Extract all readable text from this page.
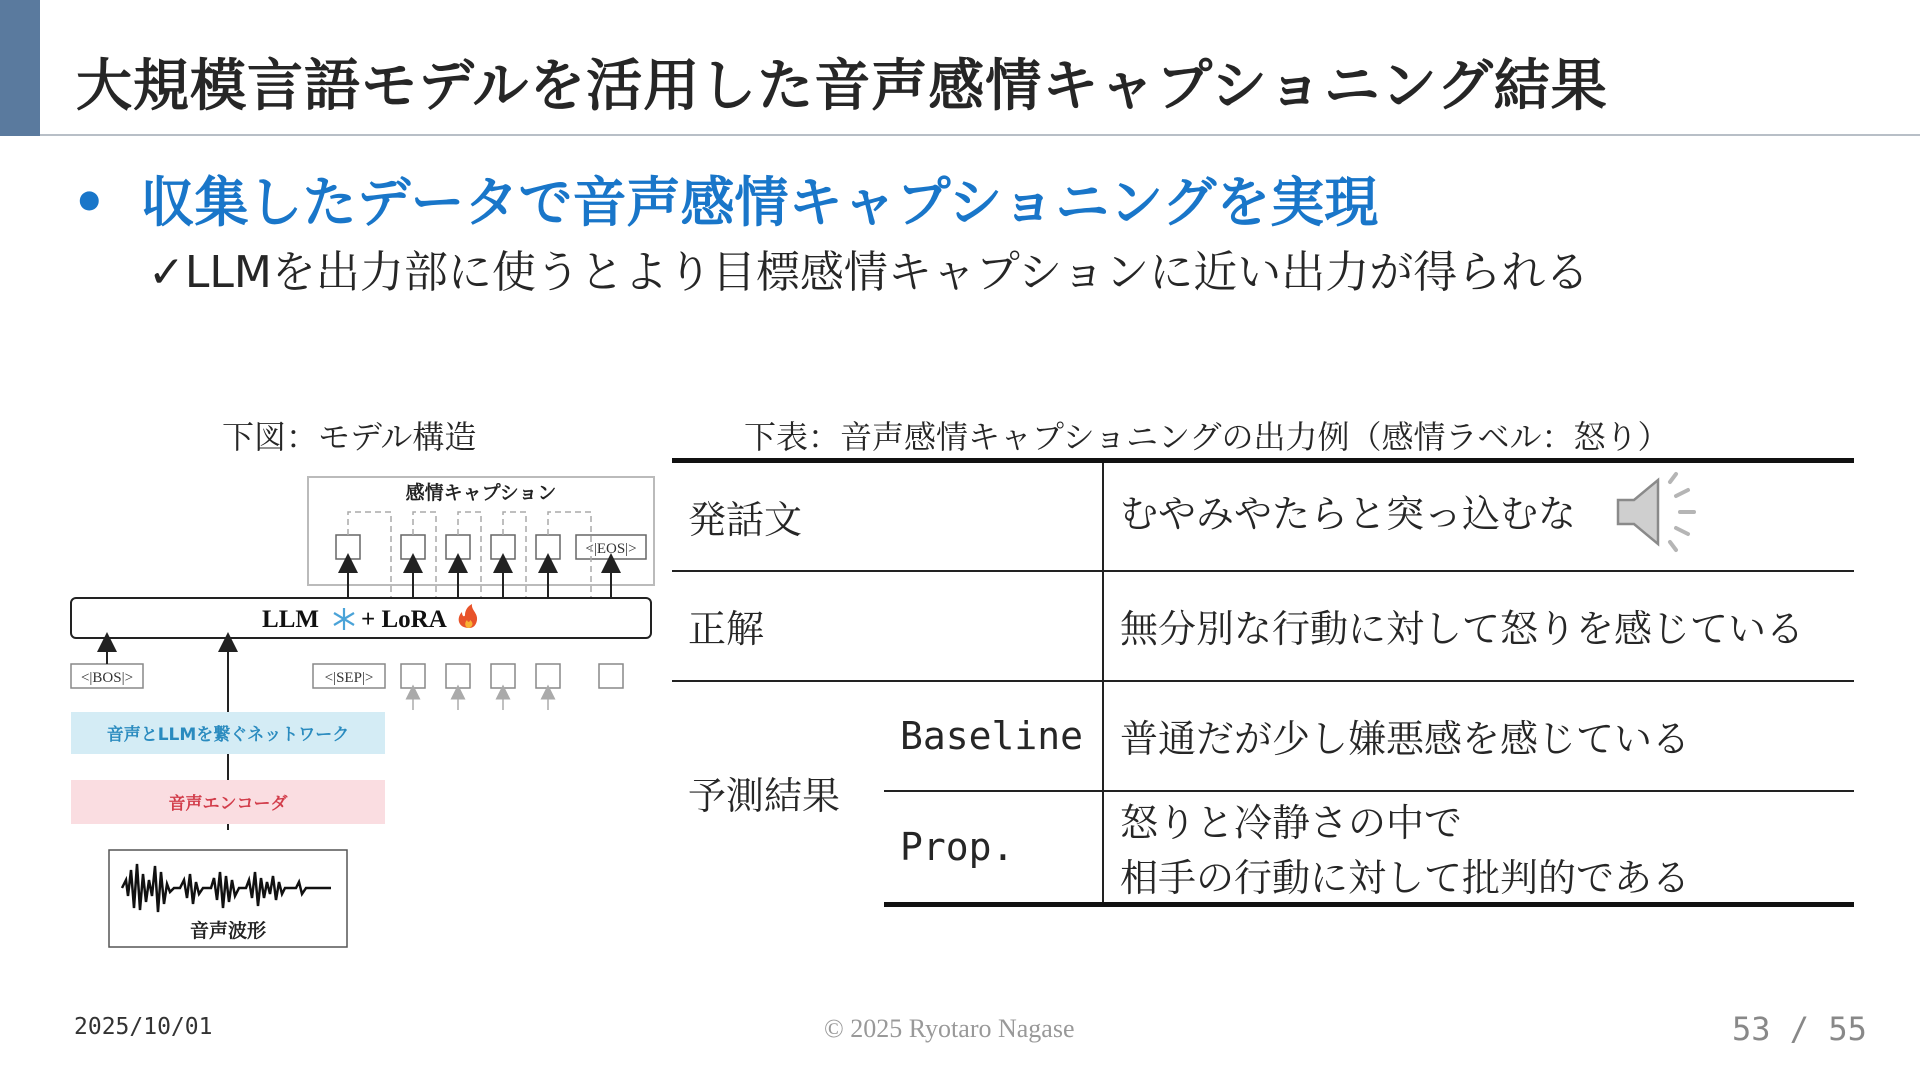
大規模言語モデルを活用した音声感情キャプショニング結果
• 収集したデータで音声感情キャプショニングを実現
✓LLMを出力部に使うとより目標感情キャプションに近い出力が得られる
下図：モデル構造	下表：音声感情キャプショニングの出力例（感情ラベル：怒り）
感情キャプション
<|EOS|>
LLM + LoRA
<|BOS|>	<|SEP|>
音声とLLMを繋ぐネットワーク
音声エンコーダ
音声波形
発話文		むやみやたらと突っ込むな
正解		無分別な行動に対して怒りを感じている
予測結果	Baseline	普通だが少し嫌悪感を感じている
	Prop.	怒りと冷静さの中で
相手の行動に対して批判的である
2025/10/01	© 2025 Ryotaro Nagase	53 / 55
